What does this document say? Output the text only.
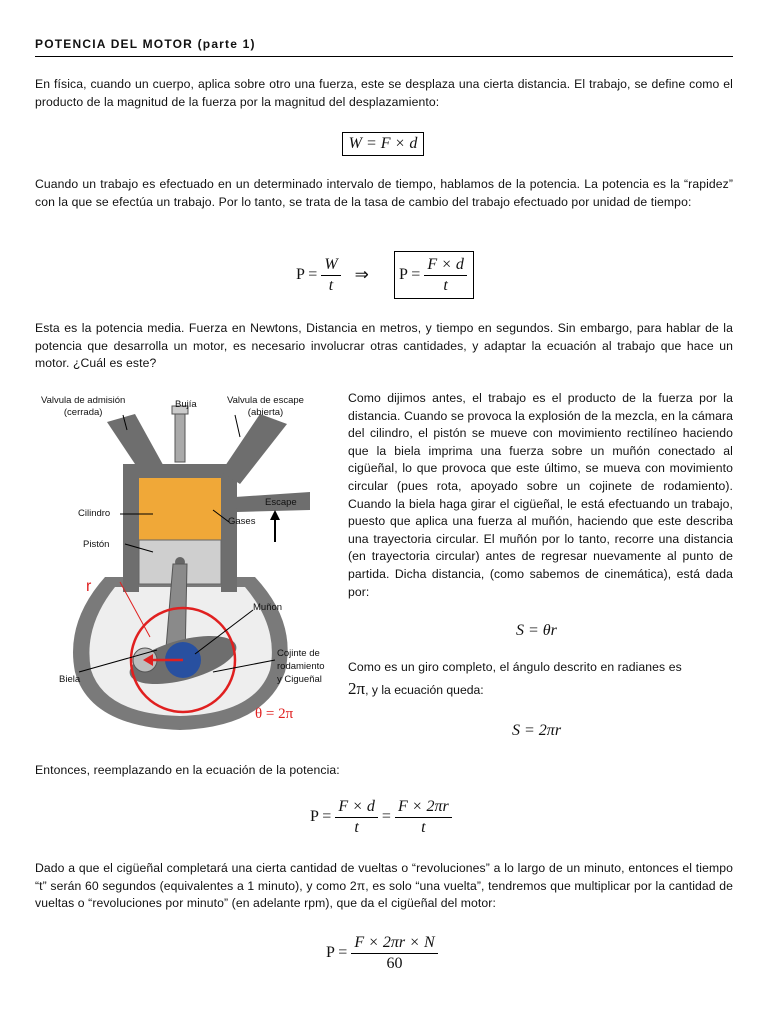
POTENCIA DEL MOTOR (parte 1)
En física, cuando un cuerpo, aplica sobre otro una fuerza, este se desplaza una cierta distancia. El trabajo, se define como el producto de la magnitud de la fuerza por la magnitud del desplazamiento:
W = F × d
Cuando un trabajo es efectuado en un determinado intervalo de tiempo, hablamos de la potencia. La potencia es la “rapidez” con la que se efectúa un trabajo. Por lo tanto, se trata de la tasa de cambio del trabajo efectuado por unidad de tiempo:
P =
$\frac{W}{t}$ ⇒ P =
$\frac{F \times d}{t}$
Esta es la potencia media. Fuerza en Newtons, Distancia en metros, y tiempo en segundos. Sin embargo, para hablar de la potencia que desarrolla un motor, es necesario involucrar otras cantidades, y adaptar la ecuación al trabajo que hace un motor. ¿Cuál es este?
Valvula de admisión
(cerrada)
Bujía	Valvula de escape
(abierta)
Escape
Cilindro
Gases
Pistón
r
Muñon
Cojinte de
rodamiento
y Cigueñal
Biela
θ = 2π
Como dijimos antes, el trabajo es el producto de la fuerza por la distancia. Cuando se provoca la explosión de la mezcla, en la cámara del cilindro, el pistón se mueve con movimiento rectilíneo haciendo que la biela imprima una fuerza sobre un muñón conectado al cigüeñal, lo que provoca que este último, se mueva con movimiento circular (pues rota, apoyado sobre un cojinete de rodamiento). Cuando la biela haga girar el cigüeñal, le está efectuando un trabajo, puesto que aplica una fuerza al muñón, haciendo que este describa una trayectoria circular. El muñón por lo tanto, recorre una distancia (en trayectoria circular) antes de regresar nuevamente al punto de partida. Dicha distancia, (como sabemos de cinemática), está dada por:
S = θr
Como es un giro completo, el ángulo descrito en radianes es
2π, y la ecuación queda:
S = 2πr
Entonces, reemplazando en la ecuación de la potencia:
P =
$\frac{F \times d}{t} = \frac{F \times 2\pi r}{t}$
Dado a que el cigüeñal completará una cierta cantidad de vueltas o “revoluciones” a lo largo de un minuto, entonces el tiempo “t” serán 60 segundos (equivalentes a 1 minuto), y como 2π, es solo “una vuelta”, tendremos que multiplicar por la cantidad de vueltas o “revoluciones por minuto” (en adelante rpm), que da el cigüeñal del motor:
P =
$\frac{F \times 2\pi r \times N}{60}$
